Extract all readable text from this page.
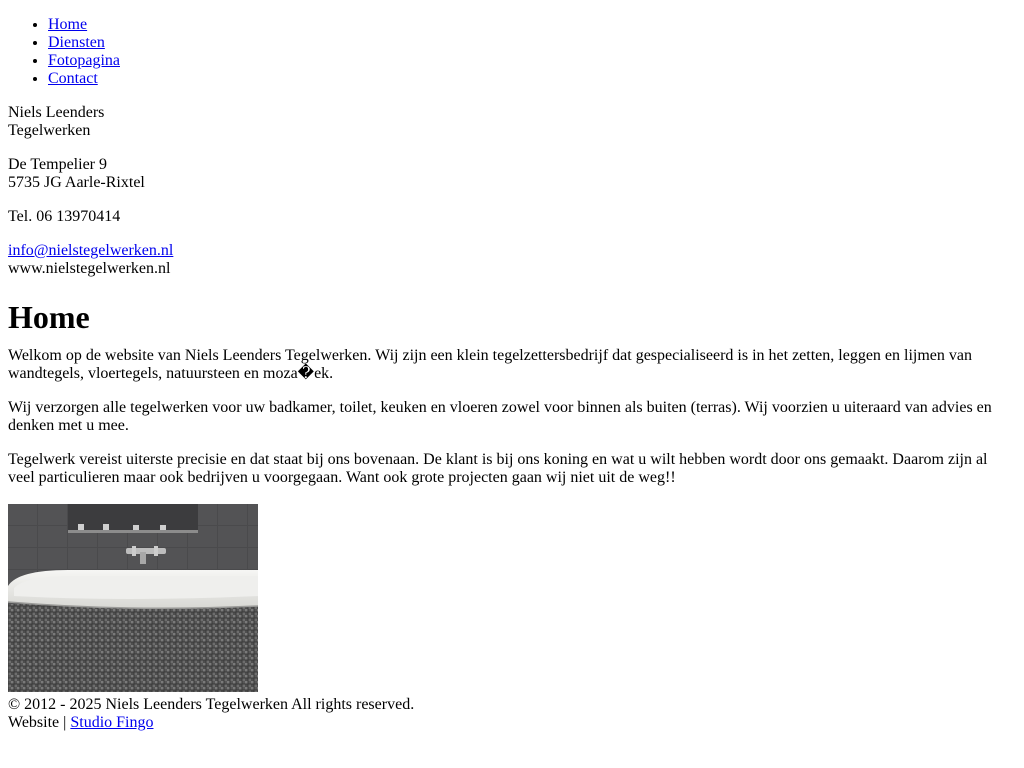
• Home
• Diensten
• Fotopagina
• Contact
Niels Leenders
Tegelwerken
De Tempelier 9
5735 JG Aarle-Rixtel
Tel. 06 13970414
info@nielstegelwerken.nl
www.nielstegelwerken.nl
Home

Welkom op de website van Niels Leenders Tegelwerken. Wij zijn een klein tegelzettersbedrijf dat gespecialiseerd is in het zetten, leggen en lijmen van wandtegels, vloertegels, natuursteen en moza�ek.

Wij verzorgen alle tegelwerken voor uw badkamer, toilet, keuken en vloeren zowel voor binnen als buiten (terras). Wij voorzien u uiteraard van advies en denken met u mee.

Tegelwerk vereist uiterste precisie en dat staat bij ons bovenaan. De klant is bij ons koning en wat u wilt hebben wordt door ons gemaakt. Daarom zijn al veel particulieren maar ook bedrijven u voorgegaan. Want ook grote projecten gaan wij niet uit de weg!!

© 2012 - 2025 Niels Leenders Tegelwerken All rights reserved.
Website | Studio Fingo
